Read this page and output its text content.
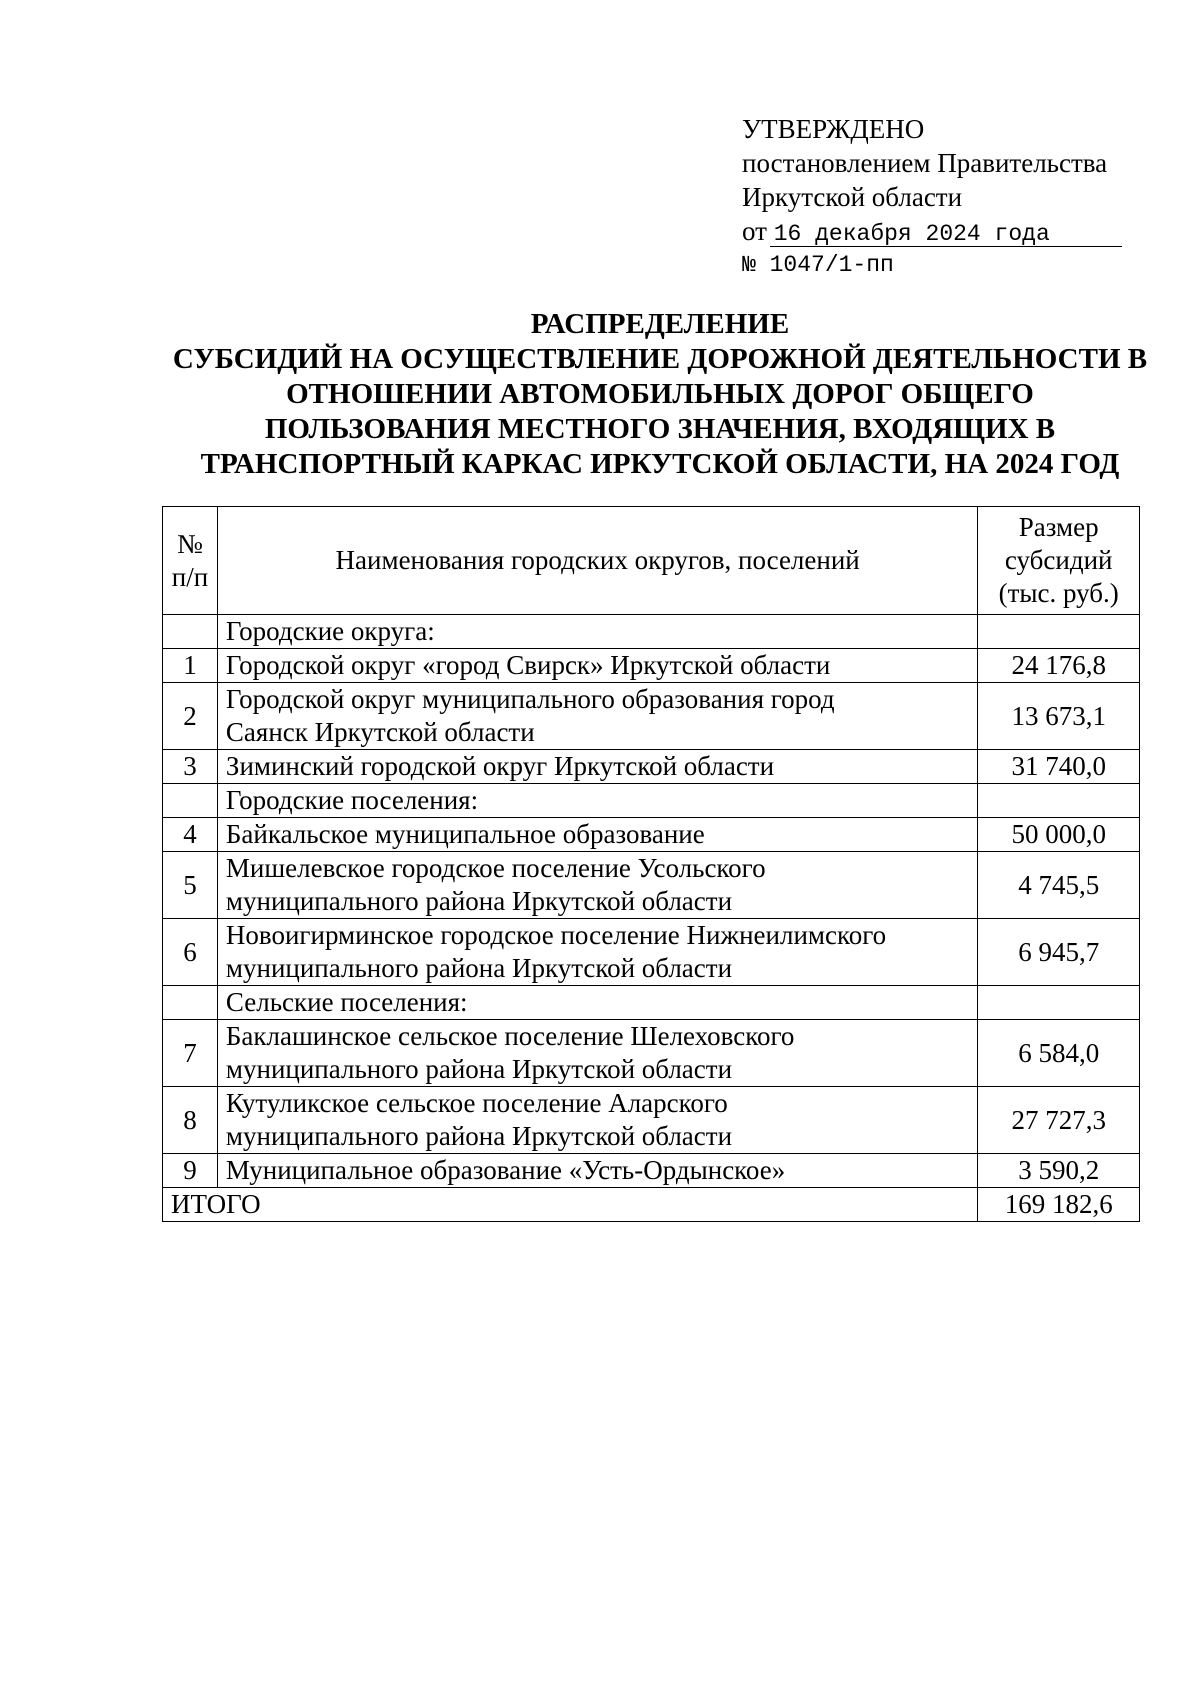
УТВЕРЖДЕНО
постановлением Правительства
Иркутской области
от 16 декабря 2024 года
№ 1047/1-пп
РАСПРЕДЕЛЕНИЕ
СУБСИДИЙ НА ОСУЩЕСТВЛЕНИЕ ДОРОЖНОЙ ДЕЯТЕЛЬНОСТИ В
ОТНОШЕНИИ АВТОМОБИЛЬНЫХ ДОРОГ ОБЩЕГО
ПОЛЬЗОВАНИЯ МЕСТНОГО ЗНАЧЕНИЯ, ВХОДЯЩИХ В
ТРАНСПОРТНЫЙ КАРКАС ИРКУТСКОЙ ОБЛАСТИ, НА 2024 ГОД
№
п/п	Наименования городских округов, поселений	Размер
субсидий
(тыс. руб.)

	Городские округа:	
1	Городской округ «город Свирск» Иркутской области	24 176,8
2	Городской округ муниципального образования город
Саянск Иркутской области	13 673,1
3	Зиминский городской округ Иркутской области	31 740,0
	Городские поселения:	
4	Байкальское муниципальное образование	50 000,0
5	Мишелевское городское поселение Усольского
муниципального района Иркутской области	4 745,5
6	Новоигирминское городское поселение Нижнеилимского
муниципального района Иркутской области	6 945,7
	Сельские поселения:	
7	Баклашинское сельское поселение Шелеховского
муниципального района Иркутской области	6 584,0
8	Кутуликское сельское поселение Аларского
муниципального района Иркутской области	27 727,3
9	Муниципальное образование «Усть-Ордынское»	3 590,2
ИТОГО		169 182,6
